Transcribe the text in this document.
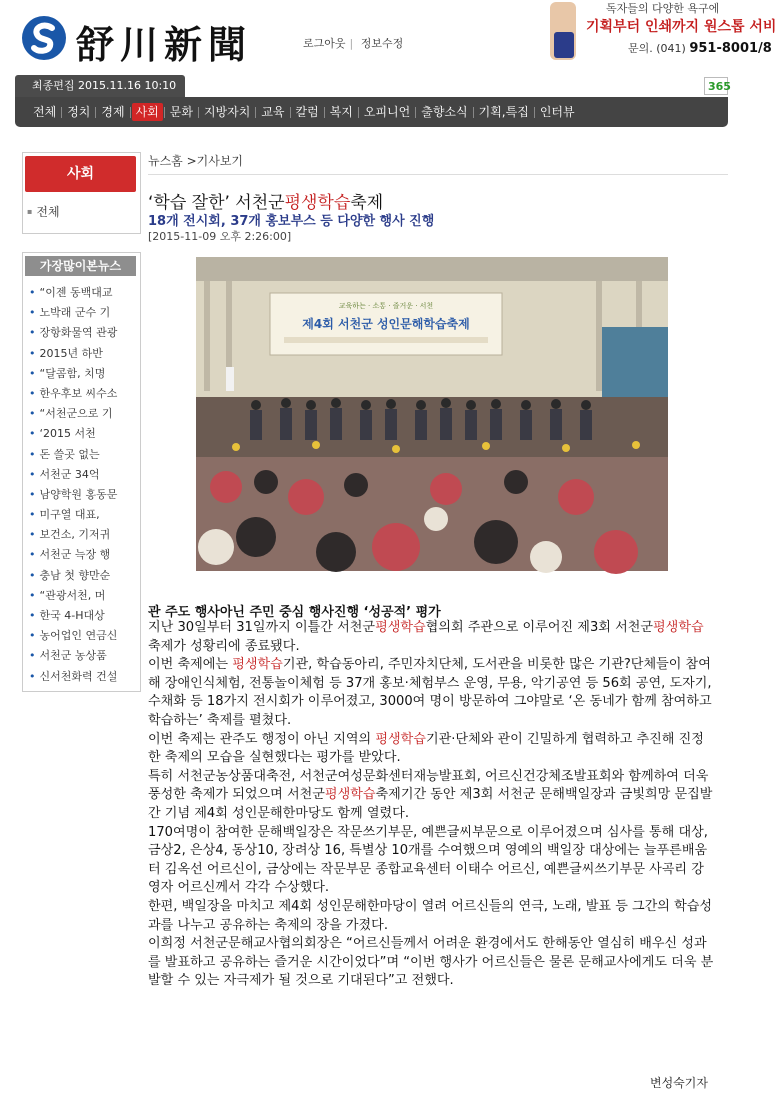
舒川新聞	로그아웃 | 정보수정
독자들의 다양한 욕구에
기획부터 인쇄까지 원스톱 서비
문의. (041) 951-8001/8
최종편집 2015.11.16 10:10	365
전체 정치 경제 사회 문화 지방자치 교육 칼럼 복지 오피니언 출향소식 기획,특집 인터뷰
사회
▪ 전체
가장많이본뉴스
• “이젠 동백대교
• 노박래 군수 기
• 장항화물역 관광
• 2015년 하반
• “달콤함, 치명
• 한우후보 씨수소
• “서천군으로 기
• ‘2015 서천
• 돈 쓸곳 없는
• 서천군 34억
• 남양학원 홍동문
• 미구열 대표,
• 보건소, 기저귀
• 서천군 늑장 행
• 충남 첫 향만순
• “관광서천, 머
• 한국 4-H대상
• 농어업인 연금신
• 서천군 농상품
• 신서천화력 건설
뉴스홈 >기사보기
‘학습 잘한’ 서천군평생학습축제
18개 전시회, 37개 홍보부스 등 다양한 행사 진행
[2015-11-09 오후 2:26:00]
교육하는 · 소통 · 즐거운 · 서천
제4회 서천군 성인문해학습축제
관 주도 행사아닌 주민 중심 행사진행 ‘성공적’ 평가

지난 30일부터 31일까지 이틀간 서천군평생학습협의회 주관으로 이루어진 제3회 서천군평생학습축제가 성황리에 종료됐다.

이번 축제에는 평생학습기관, 학습동아리, 주민자치단체, 도서관을 비롯한 많은 기관?단체들이 참여해 장애인식체험, 전통놀이체험 등 37개 홍보·체험부스 운영, 무용, 악기공연 등 56회 공연, 도자기, 수채화 등 18가지 전시회가 이루어졌고, 3000여 명이 방문하여 그야말로 ‘온 동네가 함께 참여하고 학습하는’ 축제를 펼쳤다.

이번 축제는 관주도 행정이 아닌 지역의 평생학습기관·단체와 관이 긴밀하게 협력하고 추진해 진정한 축제의 모습을 실현했다는 평가를 받았다.

특히 서천군농상품대축전, 서천군여성문화센터재능발표회, 어르신건강체조발표회와 함께하여 더욱 풍성한 축제가 되었으며 서천군평생학습축제기간 동안 제3회 서천군 문해백일장과 금빛희망 문집발간 기념 제4회 성인문해한마당도 함께 열렸다.

170여명이 참여한 문해백일장은 작문쓰기부문, 예쁜글씨부문으로 이루어졌으며 심사를 통해 대상, 금상2, 은상4, 동상10, 장려상 16, 특별상 10개를 수여했으며 영예의 백일장 대상에는 늘푸른배움터 김옥선 어르신이, 금상에는 작문부문 종합교육센터 이태수 어르신, 예쁜글씨쓰기부문 사곡리 강영자 어르신께서 각각 수상했다.

한편, 백일장을 마치고 제4회 성인문해한마당이 열려 어르신들의 연극, 노래, 발표 등 그간의 학습성과를 나누고 공유하는 축제의 장을 가졌다.

이희정 서천군문해교사협의회장은 “어르신들께서 어려운 환경에서도 한해동안 열심히 배우신 성과를 발표하고 공유하는 즐거운 시간이었다”며 “이번 행사가 어르신들은 물론 문해교사에게도 더욱 분발할 수 있는 자극제가 될 것으로 기대된다”고 전했다.

변성숙기자
